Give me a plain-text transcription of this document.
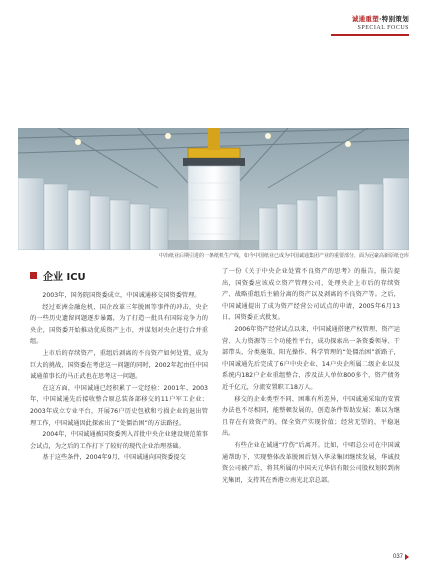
诚通重塑·特别策划
SPECIAL FOCUS
中冶纸业后期引进的一条纸机生产线，如今中国纸业已成为中国诚通集团产业的重要部分，面为冠豪高新原纸仓库
企业 ICU

2003年，国务院国资委成立，中国诚通移交国资委管理。

经过亚洲金融危机、国企改革三年脱困等事件的冲击，央企的一些历史遗留问题逐步暴露，为了打造一批具有国际竞争力的央企，国资委开始推动优质资产上市，并谋划对央企进行合并重组。

上市后的存续资产，重组后剥离的不良资产如何处置，成为巨大的挑战，国资委在考虑这一问题的同时，2002年起由任中国诚通董事长的马正武也在思考这一问题。

在这方面，中国诚通已经积累了一定经验：2001年、2003年，中国诚通先后接收整合原总装备部移交的11户军工企业；2003年成立专业平台，开展76户历史包袱和亏损企业的退出管理工作，中国诚通因此探索出了“处僵治困”的方法路径。

2004年，中国诚通被国资委列入首批中央企业建设规范董事会试点，为之后的工作打下了较好的现代企业治理基础。

基于这些条件，2004年9月，中国诚通向国资委提交

了一份《关于中央企业处置不良资产的思考》的报告，报告提出，国资委应该成立资产管理公司，处理央企上市后的存续资产、战略重组后主辅分离的资产以及剥离的不良资产等。之后，中国诚通提出了成为资产经营公司试点的申请，2005年6月13日，国资委正式批复。

2006年资产经营试点以来，中国诚通搭建产权管理、资产运营、人力资源等三个功能性平台，成功探索出一条资委领导、干部带头、分类施策、阳光操作、科学管理的“处僵治困”新路子，中国诚通先后完成了6户中央企业、14户央企所属二级企业以及系统内182户企业重组整合，涉及法人单位800多个，资产债务近千亿元，分流安置职工18万人。

移交的企业类型不同、困难有所差异，中国诚通采取的安置办法也不尽相同，能整顿发展的，创造条件帮助发展；难以为继且存在有效资产的，保全资产实现价值；经营无望的，平稳退出。

有些企业在诚通“疗伤”后离开。比如，中唱总公司在中国诚通帮助下，实现整体改革脱困后划入华录集团继续发展，华诚投资公司被产后，将其所属的中国天元华信有限公司股权划转到南光集团，支持其在香港立南光北京总部。

037
